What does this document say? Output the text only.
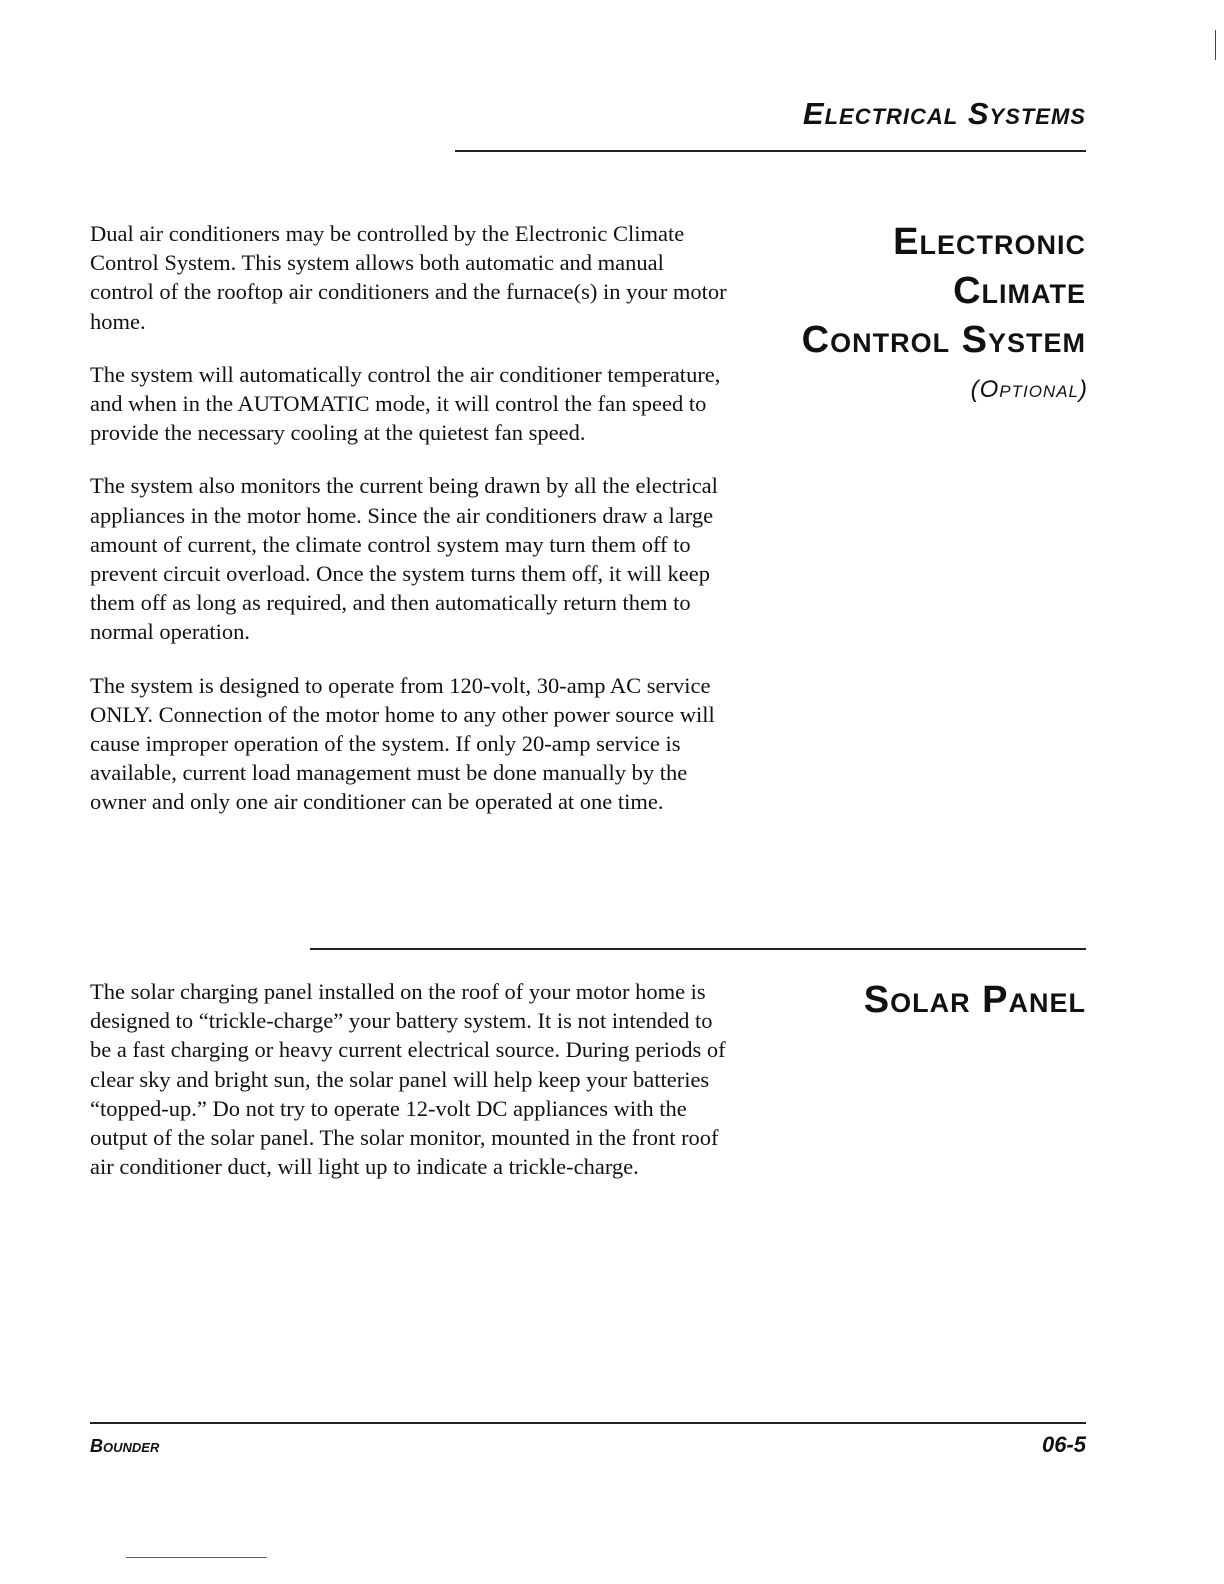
Electrical Systems
Electronic
Climate
Control System
(Optional)

Dual air conditioners may be controlled by the Electronic Climate Control System. This system allows both automatic and manual control of the rooftop air conditioners and the furnace(s) in your motor home.

The system will automatically control the air conditioner temperature, and when in the AUTOMATIC mode, it will control the fan speed to provide the necessary cooling at the quietest fan speed.

The system also monitors the current being drawn by all the electrical appliances in the motor home. Since the air conditioners draw a large amount of current, the climate control system may turn them off to prevent circuit overload. Once the system turns them off, it will keep them off as long as required, and then automatically return them to normal operation.

The system is designed to operate from 120-volt, 30-amp AC service ONLY. Connection of the motor home to any other power source will cause improper operation of the system. If only 20-amp service is available, current load management must be done manually by the owner and only one air conditioner can be operated at one time.

Solar Panel

The solar charging panel installed on the roof of your motor home is designed to “trickle-charge” your battery system. It is not intended to be a fast charging or heavy current electrical source. During periods of clear sky and bright sun, the solar panel will help keep your batteries “topped-up.” Do not try to operate 12-volt DC appliances with the output of the solar panel. The solar monitor, mounted in the front roof air conditioner duct, will light up to indicate a trickle-charge.

Bounder	06-5
